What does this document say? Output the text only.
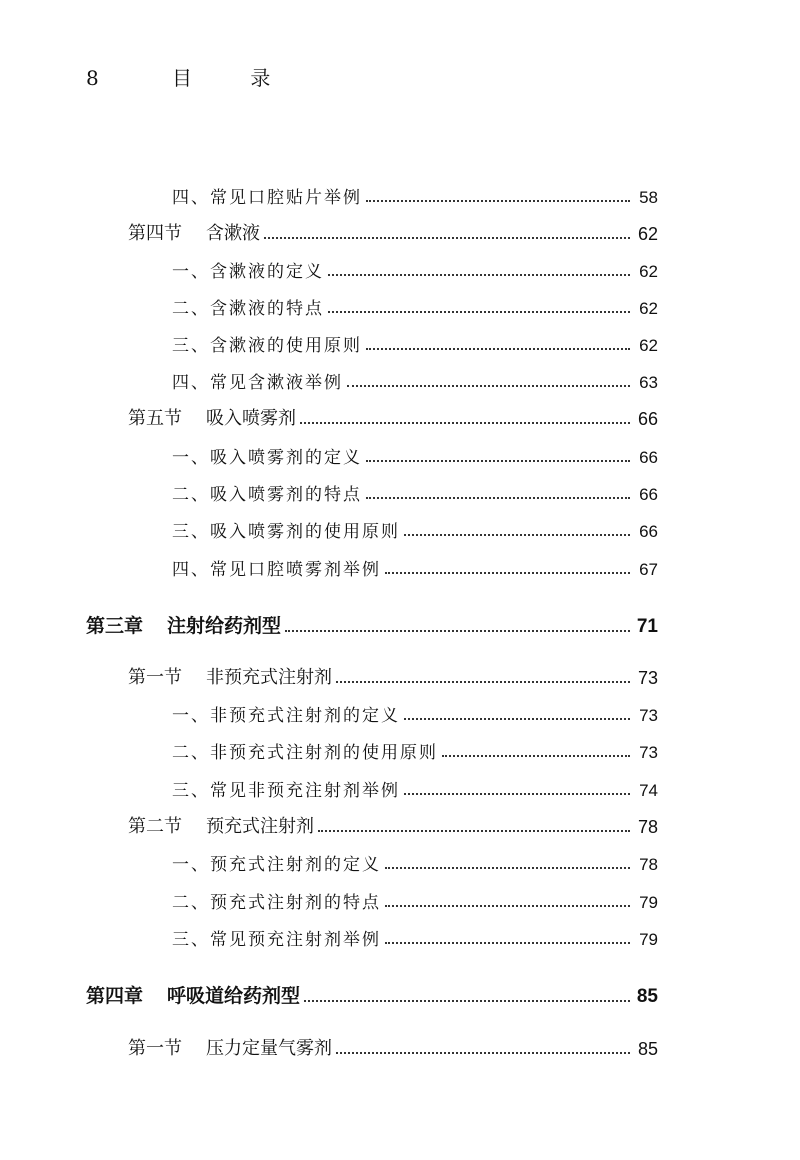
8	目 录
四、常见口腔贴片举例	58
第四节 含漱液	62
一、含漱液的定义	62
二、含漱液的特点	62
三、含漱液的使用原则	62
四、常见含漱液举例	63
第五节 吸入喷雾剂	66
一、吸入喷雾剂的定义	66
二、吸入喷雾剂的特点	66
三、吸入喷雾剂的使用原则	66
四、常见口腔喷雾剂举例	67
第三章 注射给药剂型	71
第一节 非预充式注射剂	73
一、非预充式注射剂的定义	73
二、非预充式注射剂的使用原则	73
三、常见非预充注射剂举例	74
第二节 预充式注射剂	78
一、预充式注射剂的定义	78
二、预充式注射剂的特点	79
三、常见预充注射剂举例	79
第四章 呼吸道给药剂型	85
第一节 压力定量气雾剂	85
